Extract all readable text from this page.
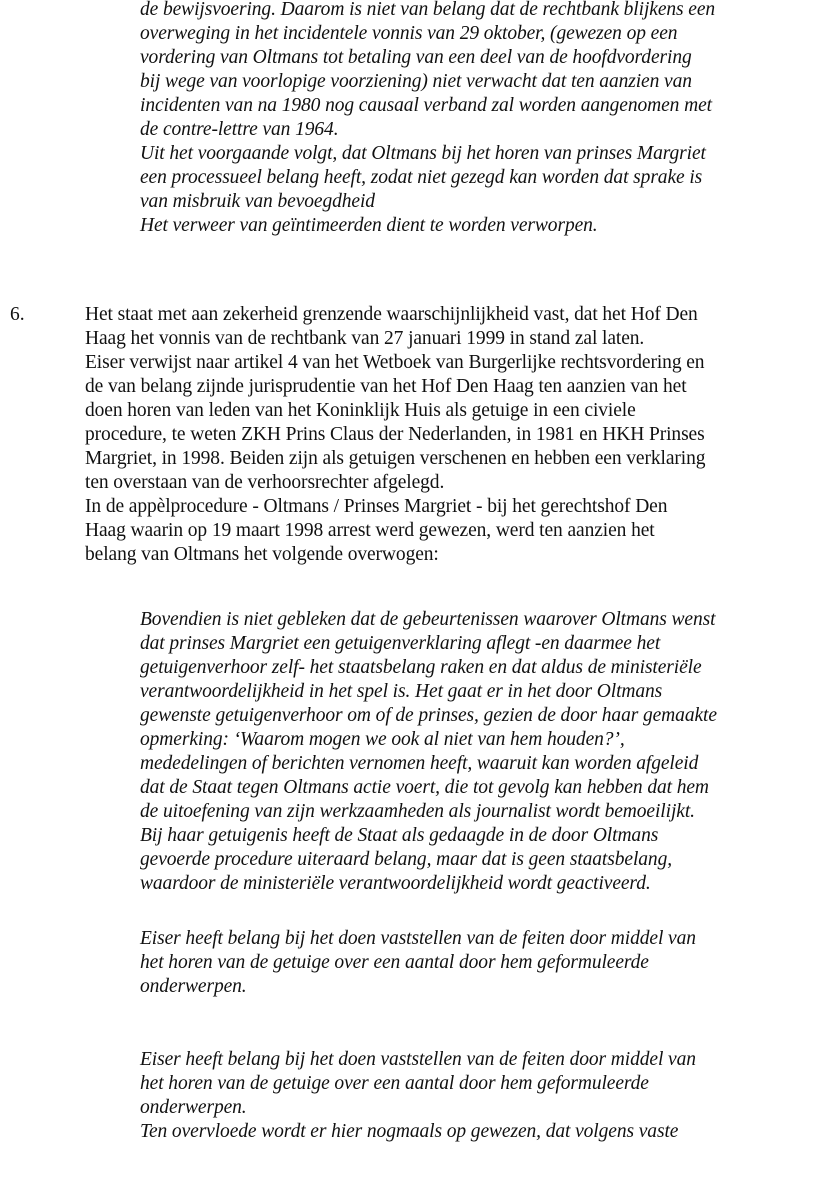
de bewijsvoering. Daarom is niet van belang dat de rechtbank blijkens een
overweging in het incidentele vonnis van 29 oktober, (gewezen op een
vordering van Oltmans tot betaling van een deel van de hoofdvordering
bij wege van voorlopige voorziening) niet verwacht dat ten aanzien van
incidenten van na 1980 nog causaal verband zal worden aangenomen met
de contre-lettre van 1964.
Uit het voorgaande volgt, dat Oltmans bij het horen van prinses Margriet
een processueel belang heeft, zodat niet gezegd kan worden dat sprake is
van misbruik van bevoegdheid
Het verweer van geïntimeerden dient te worden verworpen.
6.	Het staat met aan zekerheid grenzende waarschijnlijkheid vast, dat het Hof Den
Haag het vonnis van de rechtbank van 27 januari 1999 in stand zal laten.
Eiser verwijst naar artikel 4 van het Wetboek van Burgerlijke rechtsvordering en
de van belang zijnde jurisprudentie van het Hof Den Haag ten aanzien van het
doen horen van leden van het Koninklijk Huis als getuige in een civiele
procedure, te weten ZKH Prins Claus der Nederlanden, in 1981 en HKH Prinses
Margriet, in 1998. Beiden zijn als getuigen verschenen en hebben een verklaring
ten overstaan van de verhoorsrechter afgelegd.
In de appèlprocedure - Oltmans / Prinses Margriet - bij het gerechtshof Den
Haag waarin op 19 maart 1998 arrest werd gewezen, werd ten aanzien het
belang van Oltmans het volgende overwogen:
Bovendien is niet gebleken dat de gebeurtenissen waarover Oltmans wenst
dat prinses Margriet een getuigenverklaring aflegt -en daarmee het
getuigenverhoor zelf- het staatsbelang raken en dat aldus de ministeriële
verantwoordelijkheid in het spel is. Het gaat er in het door Oltmans
gewenste getuigenverhoor om of de prinses, gezien de door haar gemaakte
opmerking: ‘Waarom mogen we ook al niet van hem houden?’,
mededelingen of berichten vernomen heeft, waaruit kan worden afgeleid
dat de Staat tegen Oltmans actie voert, die tot gevolg kan hebben dat hem
de uitoefening van zijn werkzaamheden als journalist wordt bemoeilijkt.
Bij haar getuigenis heeft de Staat als gedaagde in de door Oltmans
gevoerde procedure uiteraard belang, maar dat is geen staatsbelang,
waardoor de ministeriële verantwoordelijkheid wordt geactiveerd.
Eiser heeft belang bij het doen vaststellen van de feiten door middel van
het horen van de getuige over een aantal door hem geformuleerde
onderwerpen.
Eiser heeft belang bij het doen vaststellen van de feiten door middel van
het horen van de getuige over een aantal door hem geformuleerde
onderwerpen.
Ten overvloede wordt er hier nogmaals op gewezen, dat volgens vaste
